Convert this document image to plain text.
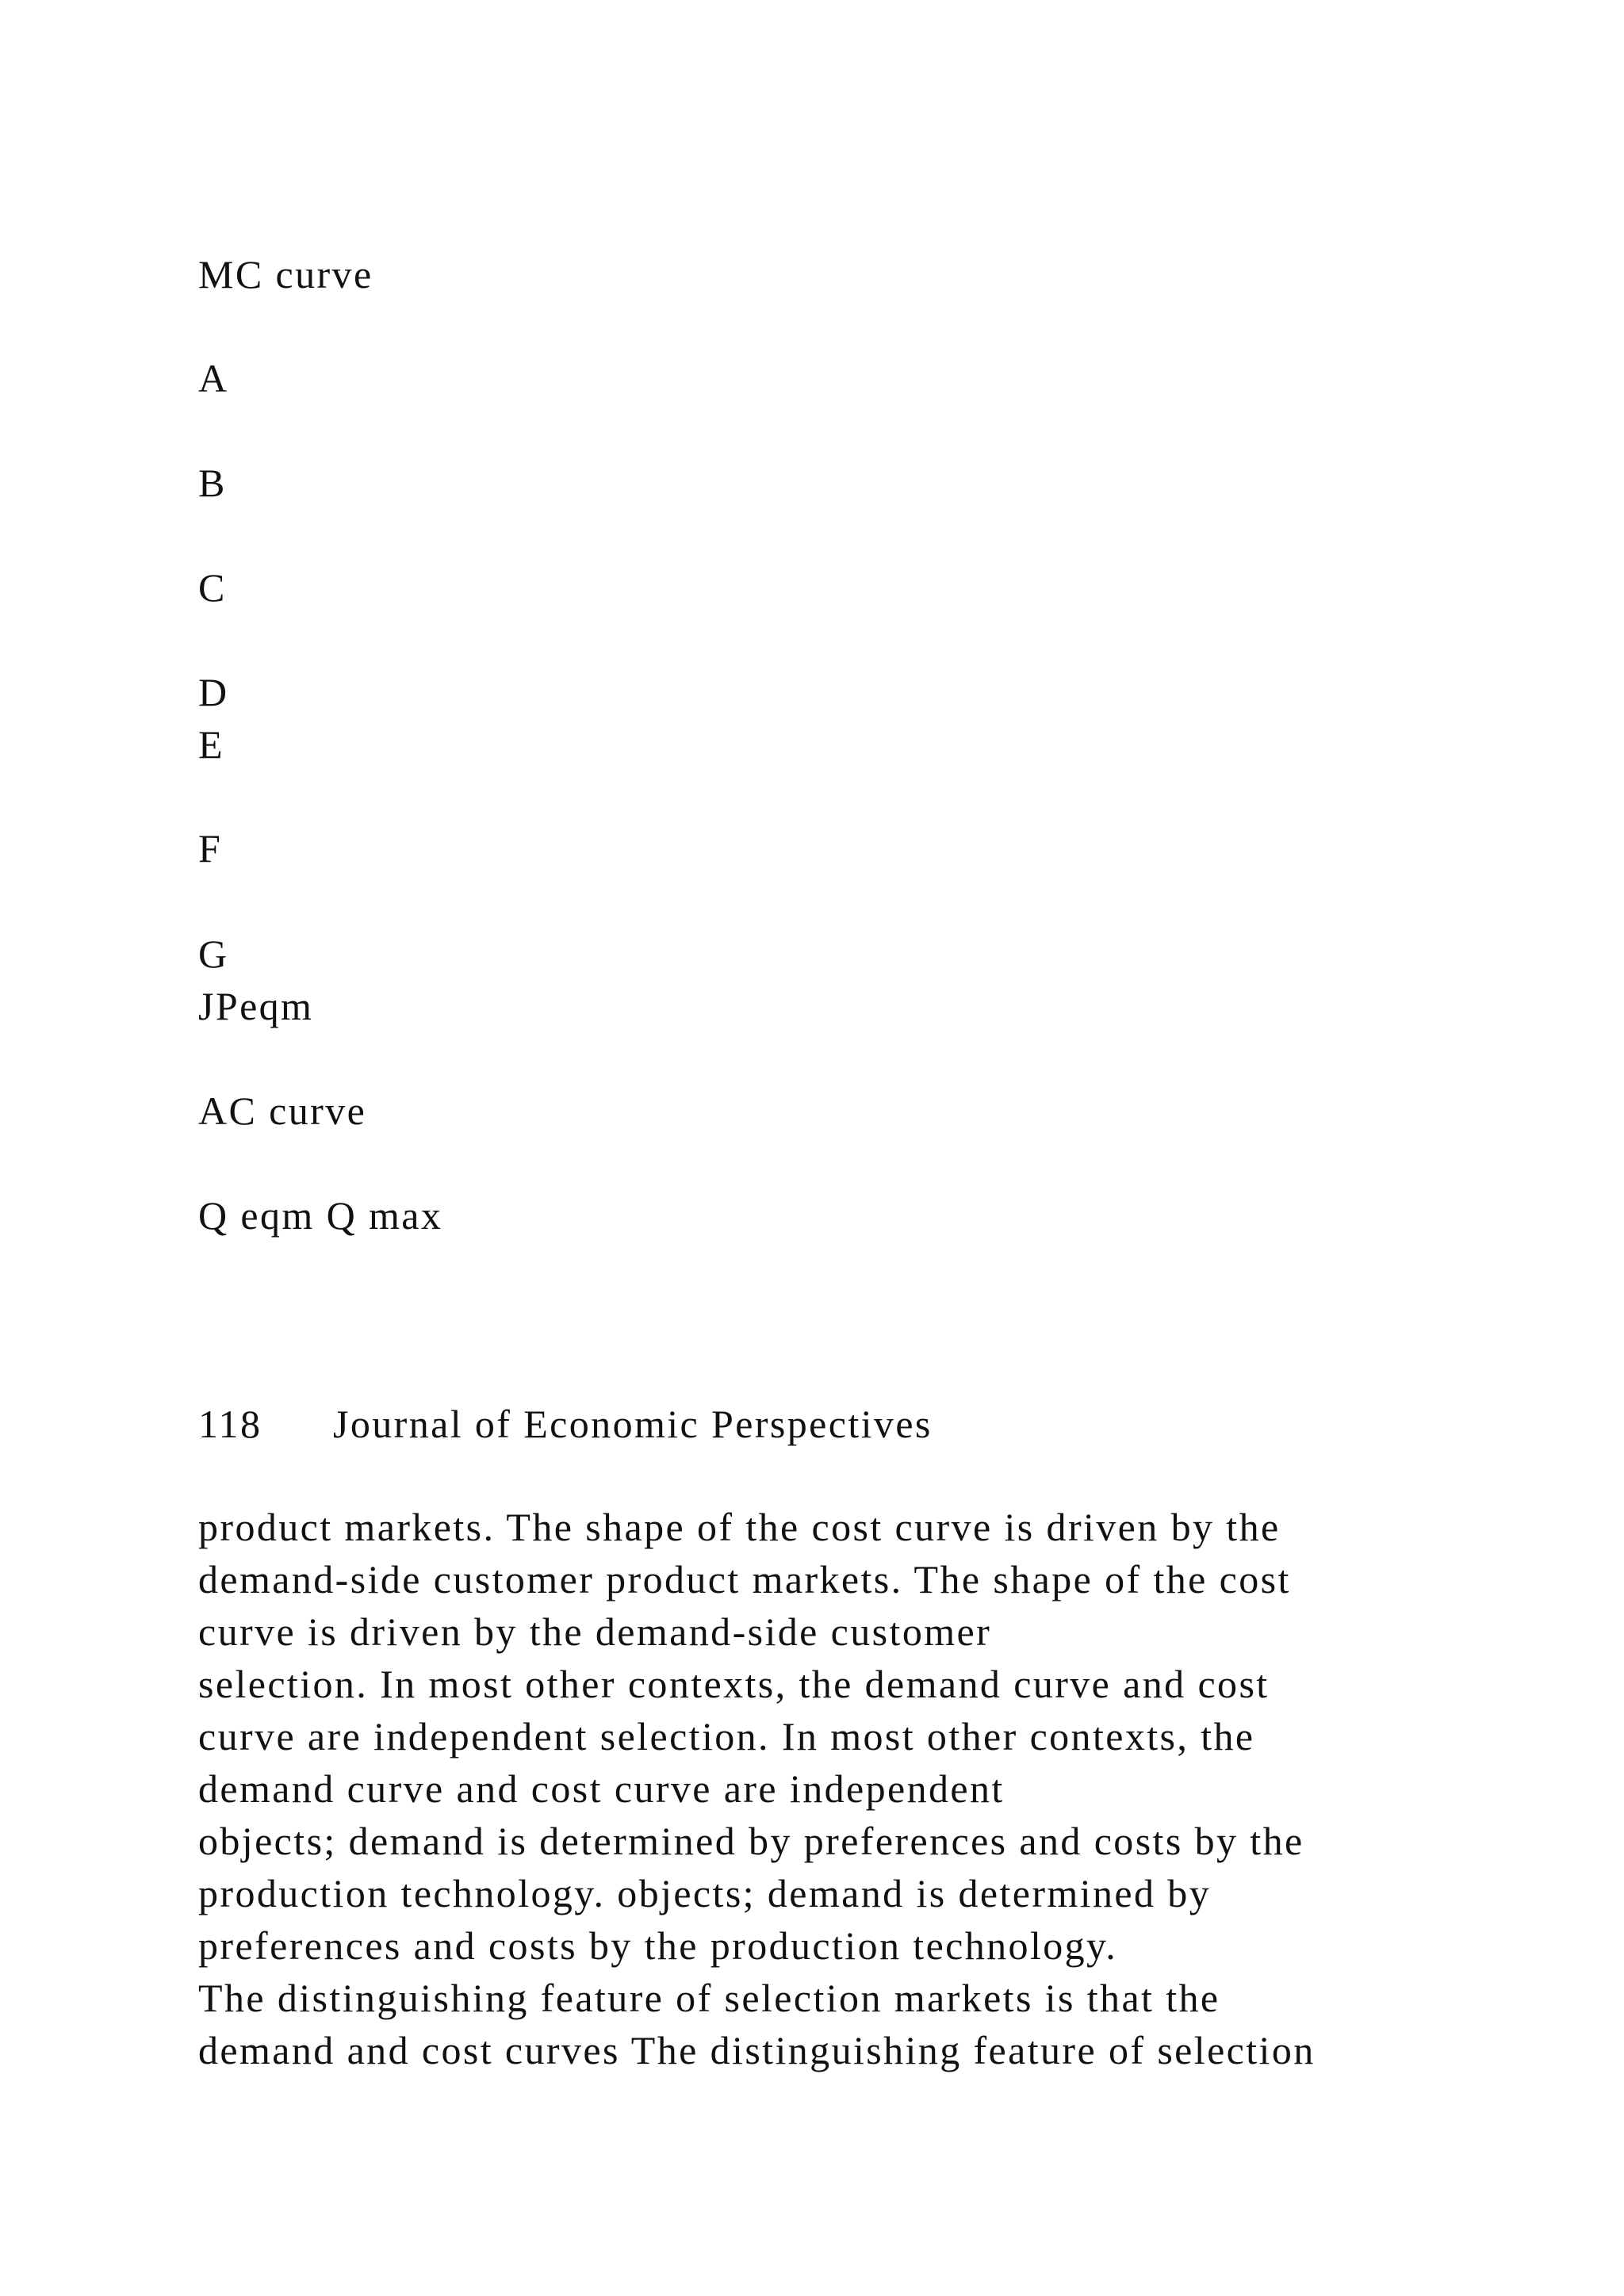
MC curve

A

B

C

D

E

F

G

JPeqm

AC curve

Q eqm Q max

118 Journal of Economic Perspectives

product markets. The shape of the cost curve is driven by the

demand-side customer product markets. The shape of the cost

curve is driven by the demand-side customer

selection. In most other contexts, the demand curve and cost

curve are independent selection. In most other contexts, the

demand curve and cost curve are independent

objects; demand is determined by preferences and costs by the

production technology. objects; demand is determined by

preferences and costs by the production technology.

The distinguishing feature of selection markets is that the

demand and cost curves The distinguishing feature of selection
